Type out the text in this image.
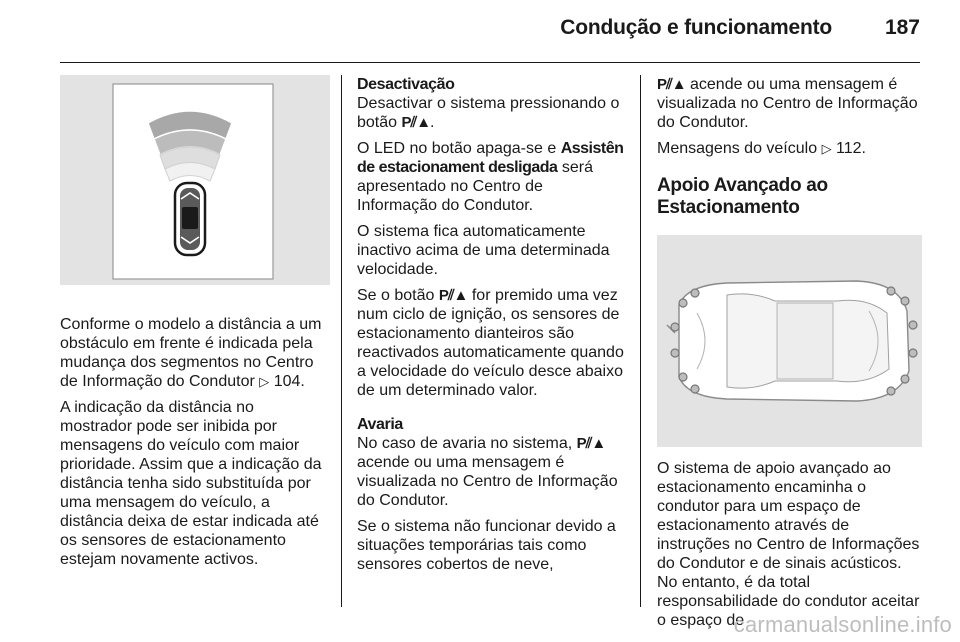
Condução e funcionamento	187

Conforme o modelo a distância a um obstáculo em frente é indicada pela mudança dos segmentos no Centro de Informação do Condutor ▷ 104.

A indicação da distância no mostrador pode ser inibida por mensagens do veículo com maior prioridade. Assim que a indicação da distância tenha sido substituída por uma mensagem do veículo, a distância deixa de estar indicada até os sensores de estacionamento estejam novamente activos.

Desactivação

Desactivar o sistema pressionando o botão P⫽▲.

O LED no botão apaga-se e Assistên de estacionament desligada será apresentado no Centro de Informação do Condutor.

O sistema fica automaticamente inactivo acima de uma determinada velocidade.

Se o botão P⫽▲ for premido uma vez num ciclo de ignição, os sensores de estacionamento dianteiros são reactivados automaticamente quando a velocidade do veículo desce abaixo de um determinado valor.

Avaria

No caso de avaria no sistema, P⫽▲ acende ou uma mensagem é visualizada no Centro de Informação do Condutor.

Se o sistema não funcionar devido a situações temporárias tais como sensores cobertos de neve,

P⫽▲ acende ou uma mensagem é visualizada no Centro de Informação do Condutor.

Mensagens do veículo ▷ 112.

Apoio Avançado ao Estacionamento

O sistema de apoio avançado ao estacionamento encaminha o condutor para um espaço de estacionamento através de instruções no Centro de Informações do Condutor e de sinais acústicos. No entanto, é da total responsabilidade do condutor aceitar o espaço de

carmanualsonline.info
